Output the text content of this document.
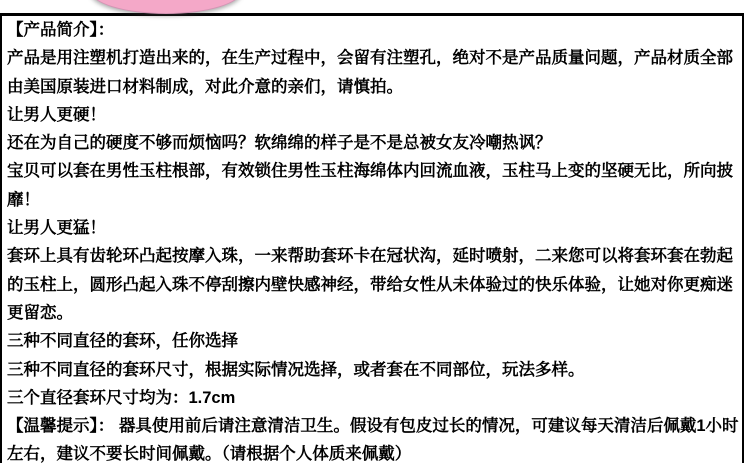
【产品简介】：
产品是用注塑机打造出来的，在生产过程中，会留有注塑孔，绝对不是产品质量问题，产品材质全部
由美国原装进口材料制成，对此介意的亲们，请慎拍。
让男人更硬！
还在为自己的硬度不够而烦恼吗？软绵绵的样子是不是总被女友冷嘲热讽？
宝贝可以套在男性玉柱根部，有效锁住男性玉柱海绵体内回流血液，玉柱马上变的坚硬无比，所向披
靡！
让男人更猛！
套环上具有齿轮环凸起按摩入珠，一来帮助套环卡在冠状沟，延时喷射，二来您可以将套环套在勃起
的玉柱上，圆形凸起入珠不停刮擦内壁快感神经，带给女性从未体验过的快乐体验，让她对你更痴迷
更留恋。
三种不同直径的套环，任你选择
三种不同直径的套环尺寸，根据实际情况选择，或者套在不同部位，玩法多样。
三个直径套环尺寸均为：1.7cm
【温馨提示】： 器具使用前后请注意清洁卫生。假设有包皮过长的情况，可建议每天清洁后佩戴1小时
左右，建议不要长时间佩戴。（请根据个人体质来佩戴）
